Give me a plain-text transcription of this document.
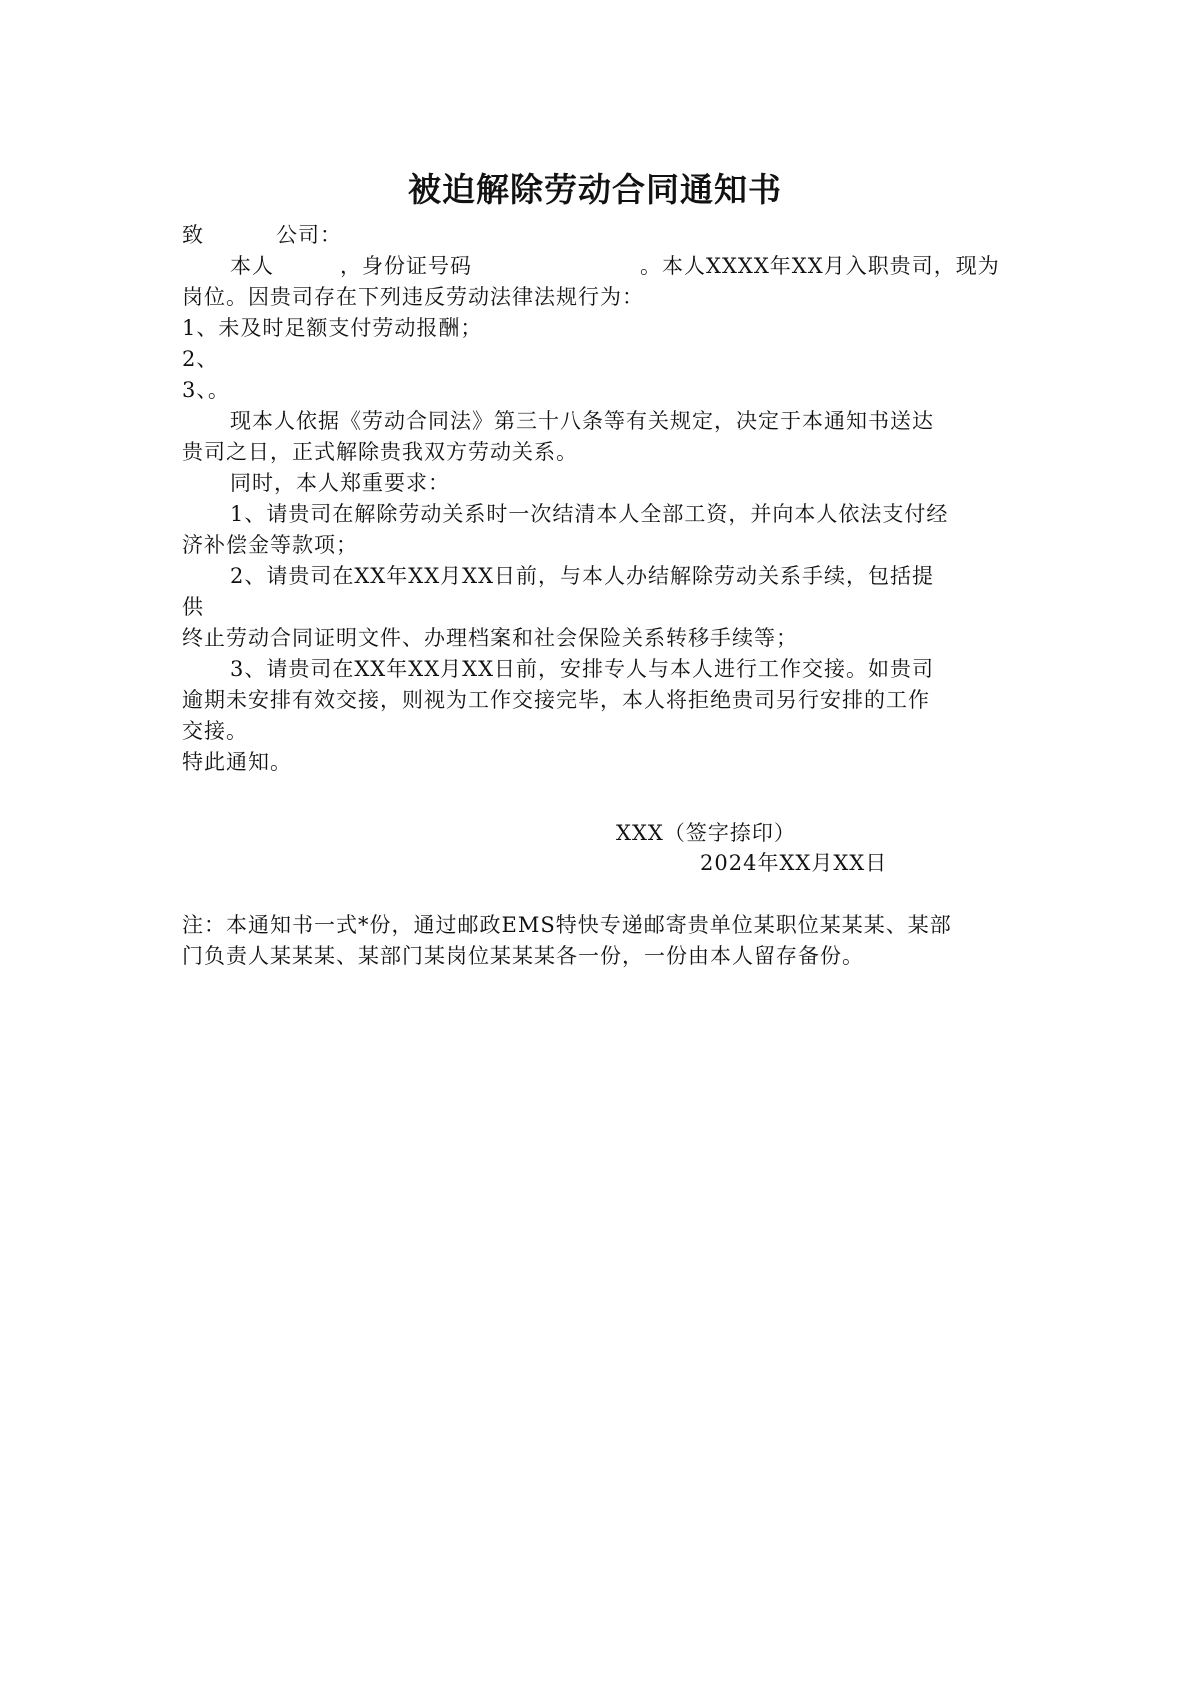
被迫解除劳动合同通知书

致	公司：

本人	，身份证号码	。本人XXXX年XX月入职贵司，现为

岗位。因贵司存在下列违反劳动法律法规行为：

1、未及时足额支付劳动报酬；

2、

3、。

现本人依据《劳动合同法》第三十八条等有关规定，决定于本通知书送达

贵司之日，正式解除贵我双方劳动关系。

同时，本人郑重要求：

1、请贵司在解除劳动关系时一次结清本人全部工资，并向本人依法支付经

济补偿金等款项；

2、请贵司在XX年XX月XX日前，与本人办结解除劳动关系手续，包括提

供

终止劳动合同证明文件、办理档案和社会保险关系转移手续等；

3、请贵司在XX年XX月XX日前，安排专人与本人进行工作交接。如贵司

逾期未安排有效交接，则视为工作交接完毕，本人将拒绝贵司另行安排的工作

交接。

特此通知。

XXX（签字捺印）
2024年XX月XX日

注：本通知书一式*份，通过邮政EMS特快专递邮寄贵单位某职位某某某、某部

门负责人某某某、某部门某岗位某某某各一份，一份由本人留存备份。
